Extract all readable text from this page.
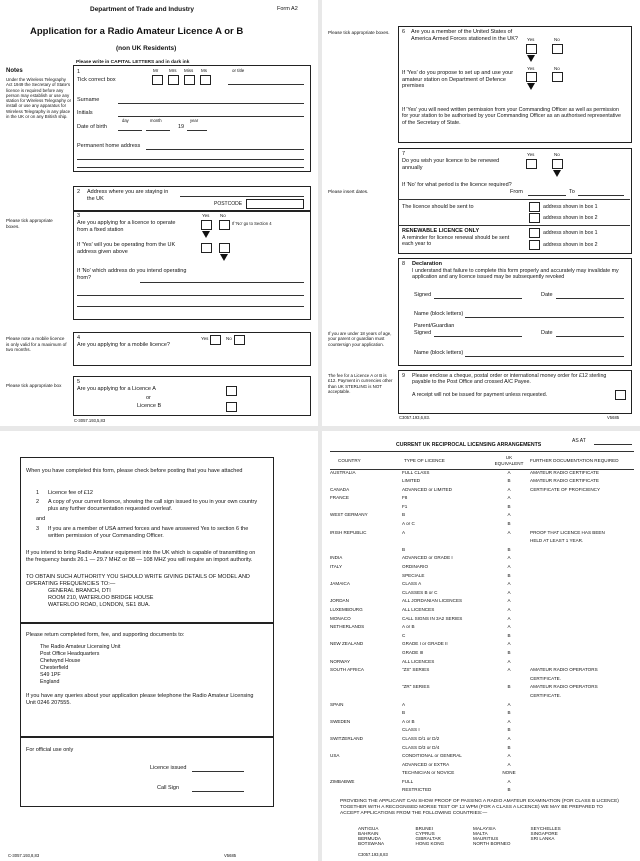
Department of Trade and Industry	Form A2
Application for a Radio Amateur Licence A or B
(non UK Residents)
Please write in CAPITAL LETTERS and in dark ink
Notes
Under the Wireless Telegraphy Act 1949 the Secretary of State's licence is required before any person may establish or use any station for Wireless Telegraphy or install or use any apparatus for Wireless Telegraphy in any place in the UK or on any British ship.
1
Tick correct box
Mr Mrs Miss Ms	or title
Surname
Initials
day	month	year
Date of birth	19
Permanent home address
2 Address where you are staying in the UK
POSTCODE
Please tick appropriate boxes.
3
Are you applying for a licence to operate from a fixed station
Yes No
If 'No' go to Section 4
If 'Yes' will you be operating from the UK address given above
If 'No' which address do you intend operating from?
Please note a mobile licence is only valid for a maximum of two months.
4
Are you applying for a mobile licence?
Yes	No
Please tick appropriate box
5
Are you applying for a Licence A
or
Licence B
C-3057.193,5,83
Please tick appropriate boxes.	6 Are you a member of the United States of America Armed Forces stationed in the UK?	Yes	No
Yes	No
If 'Yes' do you propose to set up and use your amateur station on Department of Defence premises
If 'Yes' you will need written permission from your Commanding Officer as well as permission for your station to be authorised by your Commanding Officer as an authorised representative of the Secretary of State.
7
Do you wish your licence to be renewed annually
Yes	No
Please insert dates.
If 'No' for what period is the licence required?
From	To
The licence should be sent to	address shown in box 1
address shown in box 2
RENEWABLE LICENCE ONLY
A reminder for licence renewal should be sent each year to
address shown in box 1
address shown in box 2
8 Declaration
I understand that failure to complete this form properly and accurately may invalidate my application and any licence issued may be subsequently revoked
Signed	Date
Name (block letters)
Parent/Guardian
Signed	Date
Name (block letters)
If you are under 18 years of age, your parent or guardian must countersign your application.
The fee for a Licence A or B is £12. Payment in currencies other than UK STERLING is NOT acceptable.
9 Please enclose a cheque, postal order or international money order for £12 sterling payable to the Post Office and crossed A/C Payee.
A receipt will not be issued for payment unless requested.
C3057.193,6,83.	V5685
When you have completed this form, please check before posting that you have attached
1 Licence fee of £12
2 A copy of your current licence, showing the call sign issued to you in your own country plus any further documentation requested overleaf.
and
3 If you are a member of USA armed forces and have answered Yes to section 6 the written permission of your Commanding Officer.
If you intend to bring Radio Amateur equipment into the UK which is capable of transmitting on the frequency bands 26.1 — 29.7 MHZ or 88 — 108 MHZ you will require an import authority.
TO OBTAIN SUCH AUTHORITY YOU SHOULD WRITE GIVING DETAILS OF MODEL AND OPERATING FREQUENCIES TO:—
GENERAL BRANCH, DTI
ROOM 210, WATERLOO BRIDGE HOUSE
WATERLOO ROAD, LONDON, SE1 8UA.
Please return completed form, fee, and supporting documents to:
The Radio Amateur Licensing Unit
Post Office Headquarters
Chetwynd House
Chesterfield
S49 1PF
England
If you have any queries about your application please telephone the Radio Amateur Licensing Unit 0246 207555.
For official use only
Licence issued
Call Sign
C-3057.193,8,83	V5685
CURRENT UK RECIPROCAL LICENSING ARRANGEMENTS
AS AT
COUNTRY	TYPE OF LICENCE	UK EQUIVALENT	FURTHER DOCUMENTATION REQUIRED
AUSTRALIA	FULL CLASS	A	AMATEUR RADIO CERTIFICATE
	LIMITED	B	AMATEUR RADIO CERTIFICATE
CANADA	ADVANCED or LIMITED	A	CERTIFICATE OF PROFICIENCY
FRANCE	F8	A	
	F1	B	
WEST GERMANY	B	A	
	A or C	B	
IRISH REPUBLIC	A	A	PROOF THAT LICENCE HAS BEEN
			HELD AT LEAST 1 YEAR.
	B	B	
INDIA	ADVANCED or GRADE I	A	
ITALY	ORDINARIO	A	
	SPECIALE	B	
JAMAICA	CLASS A	A	
	CLASSES B or C	A	
JORDAN	ALL JORDANIAN LICENCES	A	
LUXEMBOURG	ALL LICENCES	A	
MONACO	CALL SIGNS IN 3A2 SERIES	A	
NETHERLANDS	A or B	A	
	C	B	
NEW ZEALAND	GRADE I or GRADE II	A	
	GRADE III	B	
NORWAY	ALL LICENCES	A	
SOUTH AFRICA	"ZS" SERIES	A	AMATEUR RADIO OPERATORS
			CERTIFICATE.
	"ZR" SERIES	B	AMATEUR RADIO OPERATORS
			CERTIFICATE.
SPAIN	A	A	
	B	B	
SWEDEN	A or B	A	
	CLASS I	B	
SWITZERLAND	CLASS D/1 or D/2	A	
	CLASS D/3 or D/4	B	
USA	CONDITIONAL or GENERAL	A	
	ADVANCED or EXTRA	A	
	TECHNICIAN or NOVICE	NONE	
ZIMBABWE	FULL	A	
	RESTRICTED	B	
PROVIDING THE APPLICANT CAN SHOW PROOF OF PASSING A RADIO AMATEUR EXAMINATION (FOR CLASS B LICENCE) TOGETHER WITH A RECOGNISED MORSE TEST OF 12 WPM (FOR A CLASS A LICENCE) WE MAY BE PREPARED TO ACCEPT APPLICATIONS FROM THE FOLLOWING COUNTRIES:—
ANTIGUA	BRUNEI	MALAYSIA	SEYCHELLES
BAHRAIN	CYPRUS	MALTA	SINGAPORE
BERMUDA	GIBRALTAR	MAURITIUS	SRI LANKA
BOTSWANA	HONG KONG	NORTH BORNEO	
C3057.193,8,83
